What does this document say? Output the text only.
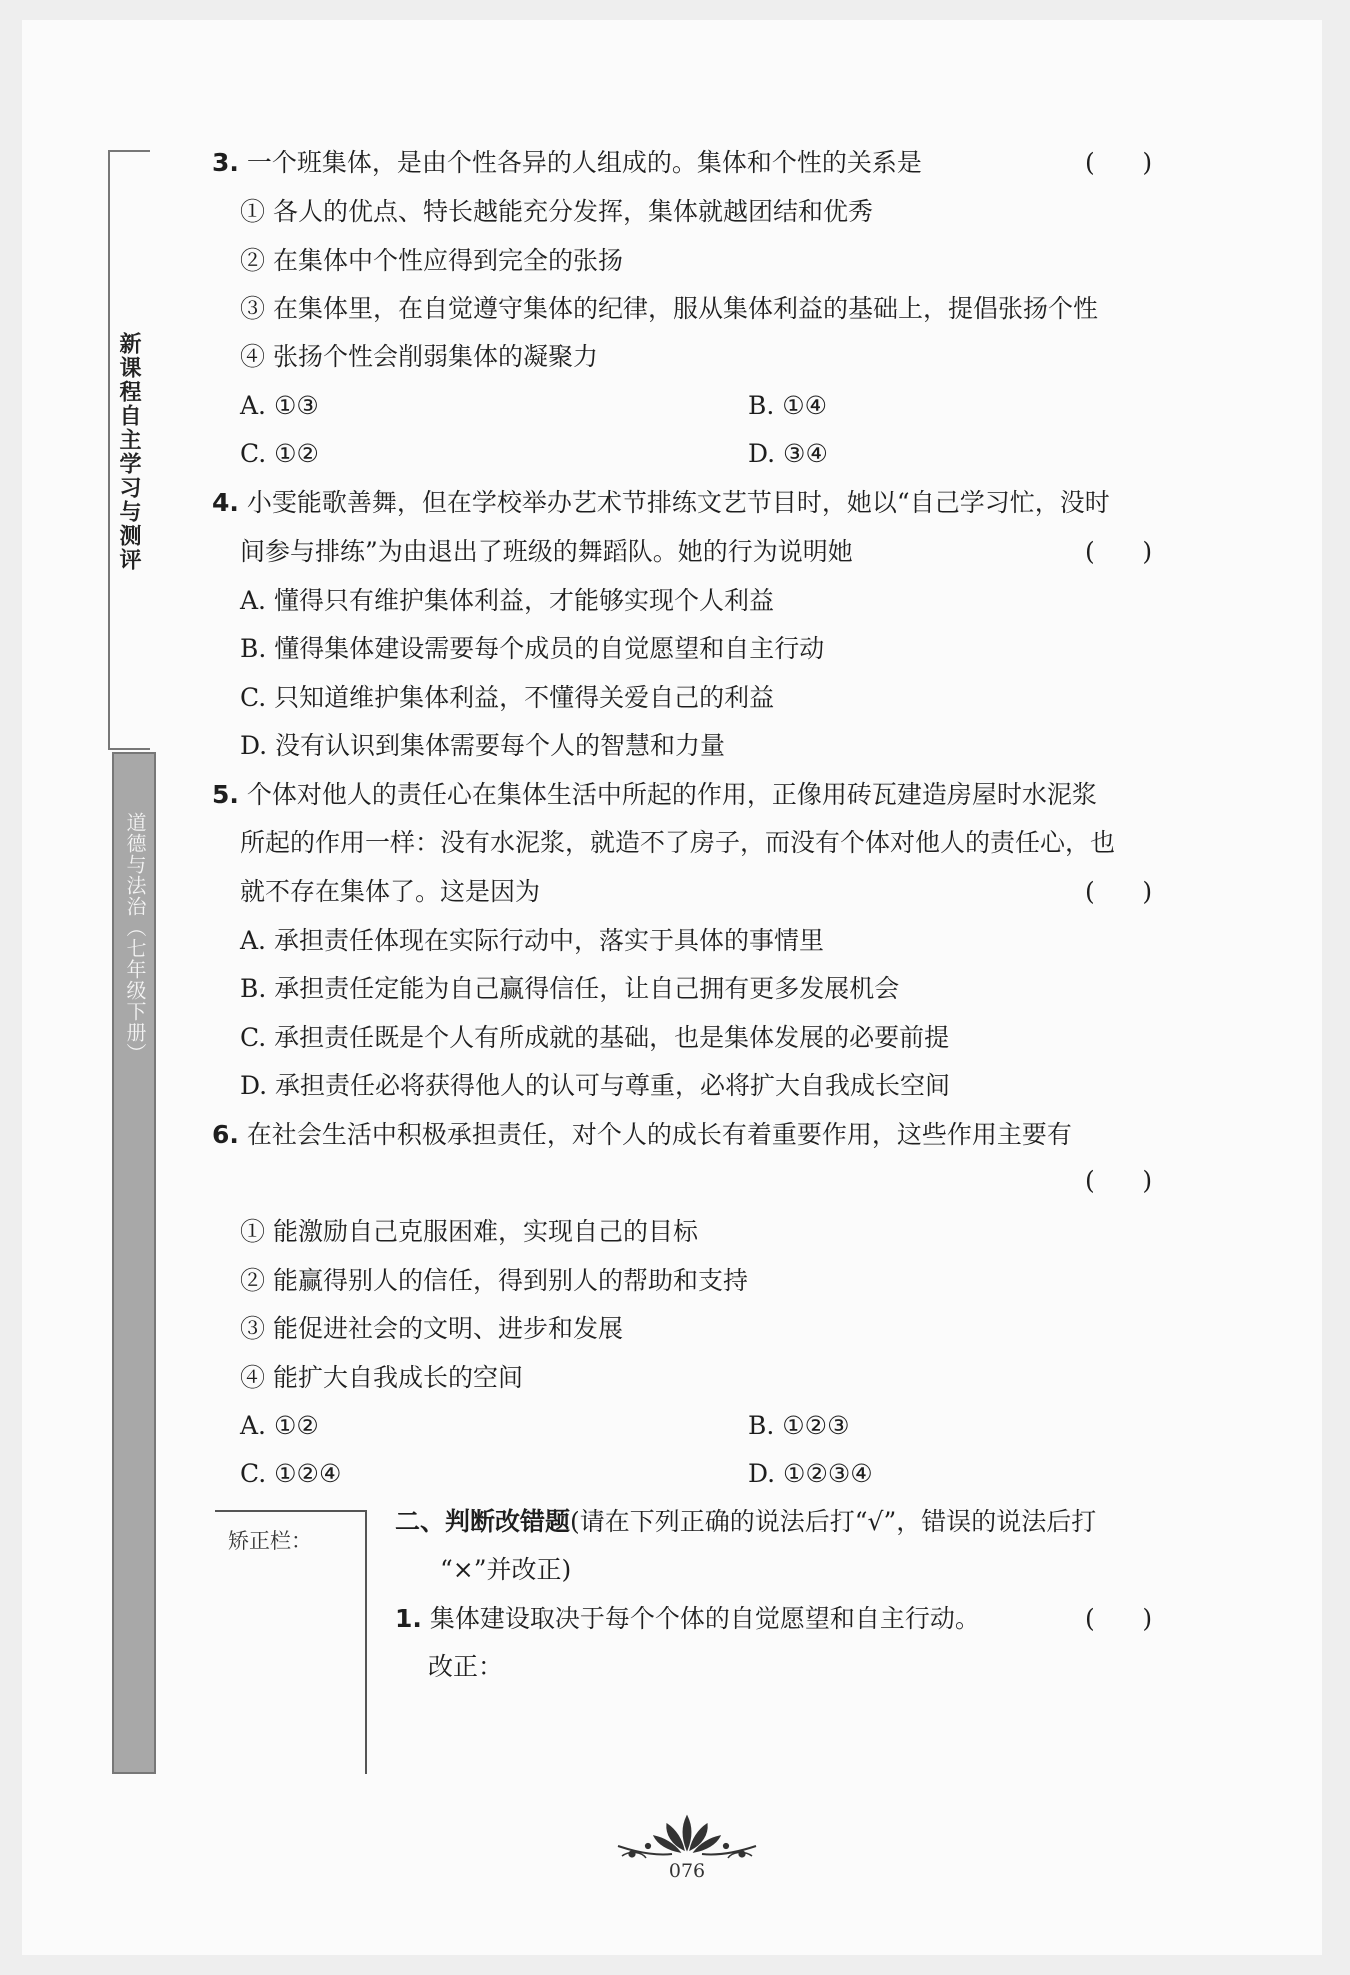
新课程自主学习与测评
道德与法治（七年级下册）
3. 一个班集体，是由个性各异的人组成的。集体和个性的关系是	(      )
① 各人的优点、特长越能充分发挥，集体就越团结和优秀
② 在集体中个性应得到完全的张扬
③ 在集体里，在自觉遵守集体的纪律，服从集体利益的基础上，提倡张扬个性
④ 张扬个性会削弱集体的凝聚力
A. ①③	B. ①④
C. ①②	D. ③④
4. 小雯能歌善舞，但在学校举办艺术节排练文艺节目时，她以“自己学习忙，没时
间参与排练”为由退出了班级的舞蹈队。她的行为说明她	(      )
A. 懂得只有维护集体利益，才能够实现个人利益
B. 懂得集体建设需要每个成员的自觉愿望和自主行动
C. 只知道维护集体利益，不懂得关爱自己的利益
D. 没有认识到集体需要每个人的智慧和力量
5. 个体对他人的责任心在集体生活中所起的作用，正像用砖瓦建造房屋时水泥浆
所起的作用一样：没有水泥浆，就造不了房子，而没有个体对他人的责任心，也
就不存在集体了。这是因为	(      )
A. 承担责任体现在实际行动中，落实于具体的事情里
B. 承担责任定能为自己赢得信任，让自己拥有更多发展机会
C. 承担责任既是个人有所成就的基础，也是集体发展的必要前提
D. 承担责任必将获得他人的认可与尊重，必将扩大自我成长空间
6. 在社会生活中积极承担责任，对个人的成长有着重要作用，这些作用主要有
(      )
① 能激励自己克服困难，实现自己的目标
② 能赢得别人的信任，得到别人的帮助和支持
③ 能促进社会的文明、进步和发展
④ 能扩大自我成长的空间
A. ①②	B. ①②③
C. ①②④	D. ①②③④
矫正栏：
二、判断改错题(请在下列正确的说法后打“√”，错误的说法后打
“×”并改正)
1. 集体建设取决于每个个体的自觉愿望和自主行动。	(      )
改正：
076
